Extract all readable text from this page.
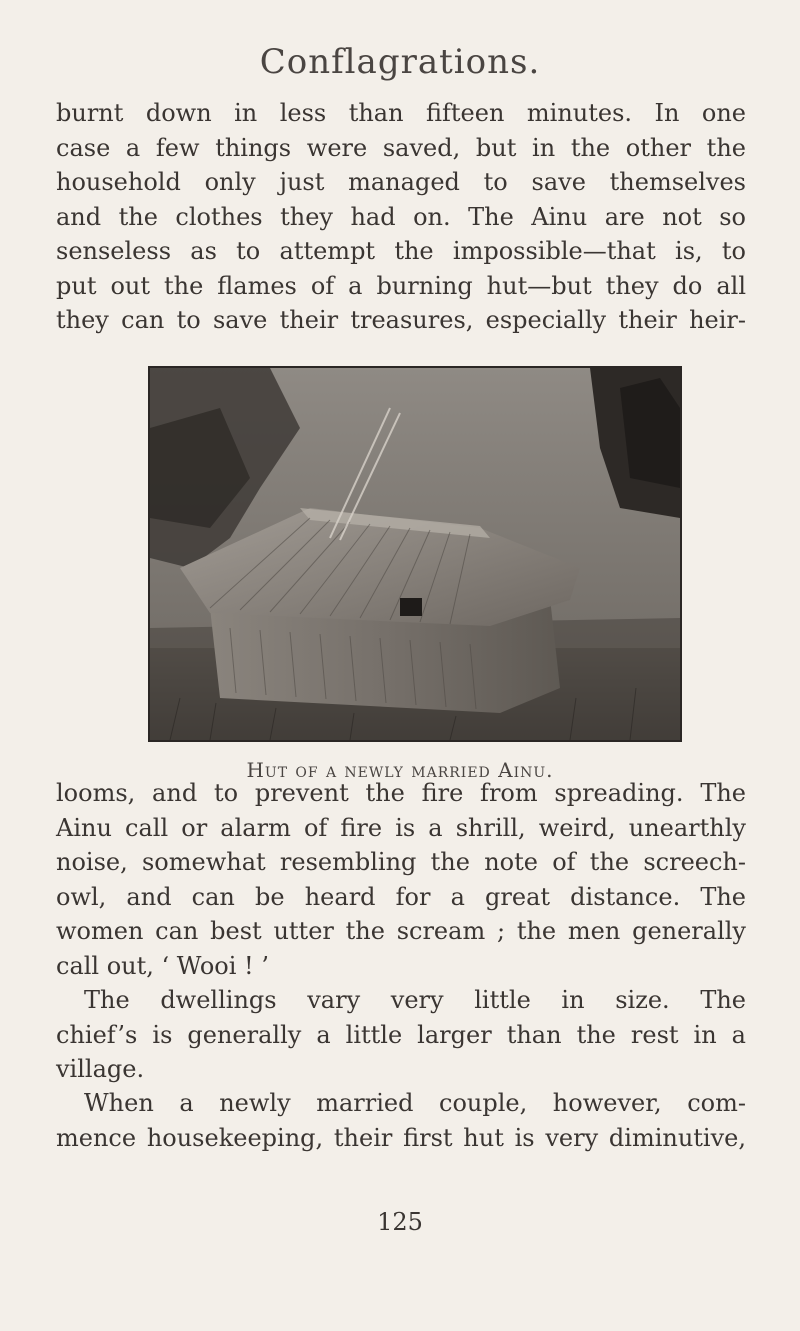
Conflagrations.

burnt down in less than fifteen minutes. In one
case a few things were saved, but in the other the
household only just managed to save themselves
and the clothes they had on. The Ainu are not so
senseless as to attempt the impossible—that is, to
put out the flames of a burning hut—but they do all
they can to save their treasures, especially their heir-

Hut of a newly married Ainu.

looms, and to prevent the fire from spreading. The
Ainu call or alarm of fire is a shrill, weird, unearthly
noise, somewhat resembling the note of the screech-
owl, and can be heard for a great distance. The
women can best utter the scream ; the men generally
call out, ‘ Wooi ! ’

The dwellings vary very little in size. The
chief’s is generally a little larger than the rest in a
village.

When a newly married couple, however, com-
mence housekeeping, their first hut is very diminutive,

125
